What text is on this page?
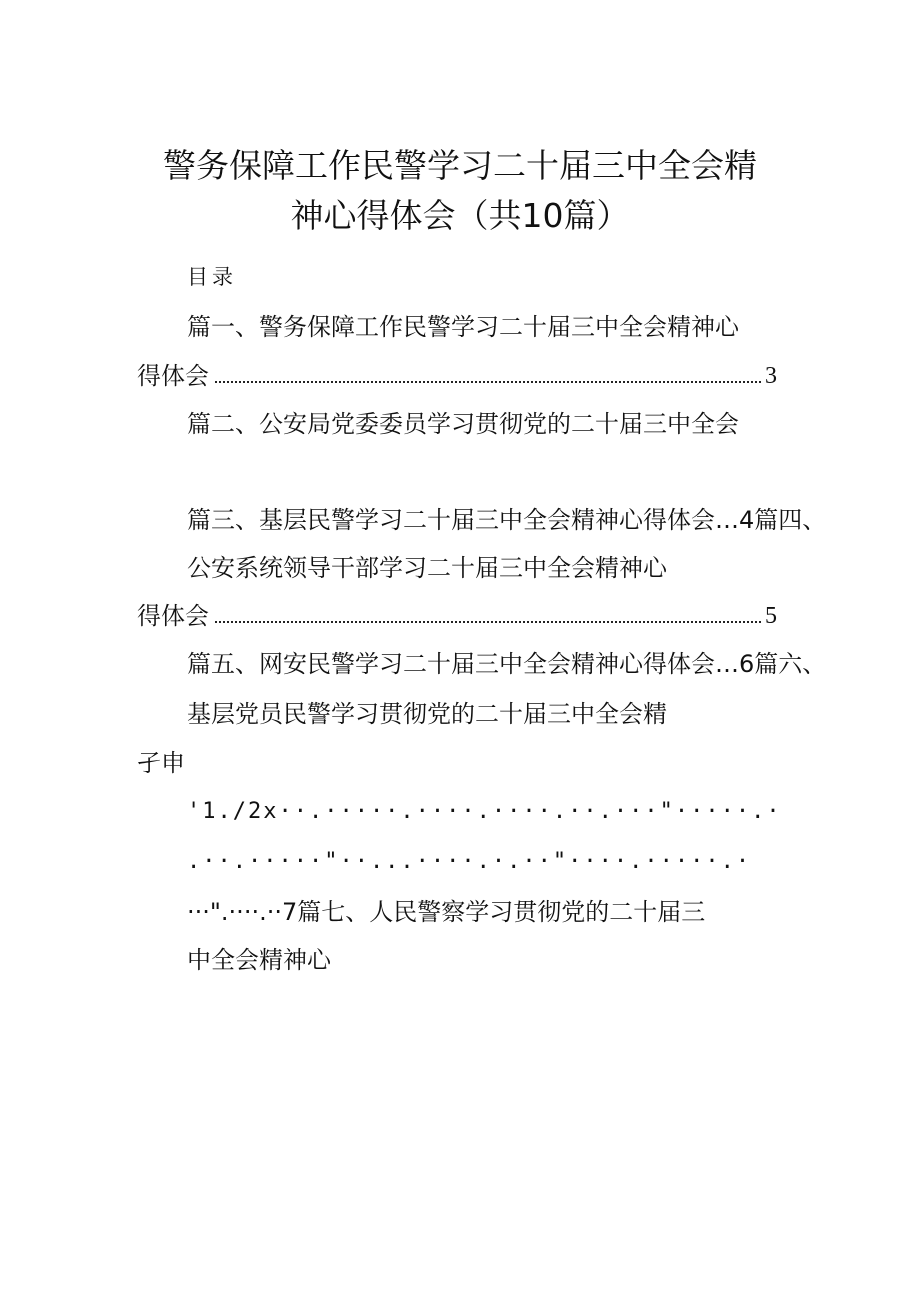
警务保障工作民警学习二十届三中全会精
神心得体会（共10篇）
目录
篇一、警务保障工作民警学习二十届三中全会精神心
得体会	3
篇二、公安局党委委员学习贯彻党的二十届三中全会
篇三、基层民警学习二十届三中全会精神心得体会…4篇四、
公安系统领导干部学习二十届三中全会精神心
得体会	5
篇五、网安民警学习二十届三中全会精神心得体会…6篇六、
基层党员民警学习贯彻党的二十届三中全会精
孑申
'1./2x··.·····.····.····.··.···"·····.·
.··.·····"··...····.·.··"····.·····.·
···".····.··7篇七、人民警察学习贯彻党的二十届三
中全会精神心
